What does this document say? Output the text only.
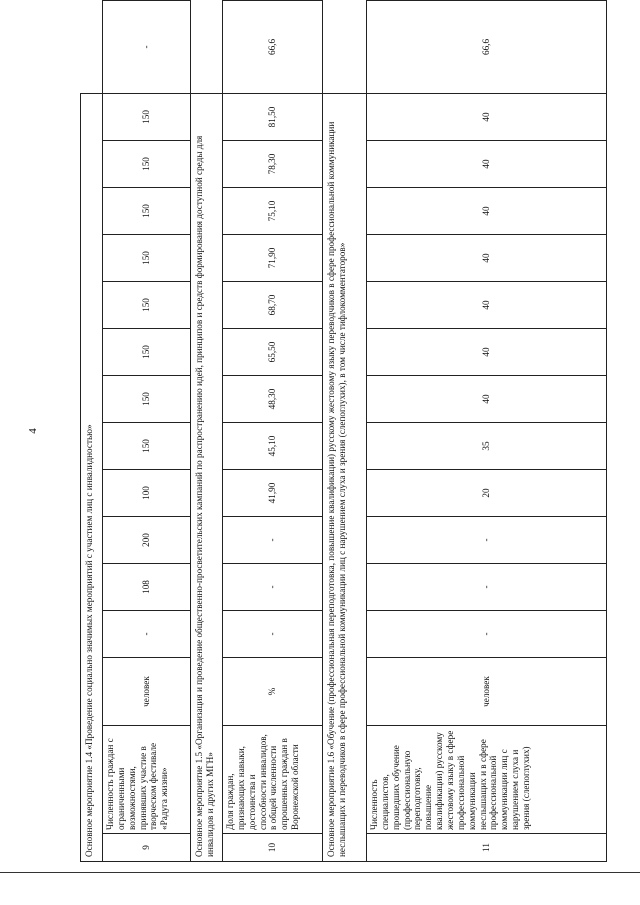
4	Основное мероприятие 1.4 «Проведение социально значимых мероприятий с участием лиц с инвалидностью»															
9	Численность граждан с ограниченными возможностями, принявших участие в творческом фестивале «Радуга жизни»	человек	-	108	200	100	150	150	150	150	150	150	150	150	-
Основное мероприятие 1.5 «Организация и проведение общественно-просветительских кампаний по распространению идей, принципов и средств формирования доступной среды для инвалидов и других МГН»															
10	Доля граждан, признающих навыки, достоинства и способности инвалидов, в общей численности опрошенных граждан в Воронежской области	%	-	-	-	41,90	45,10	48,30	65,50	68,70	71,90	75,10	78,30	81,50	66,6
Основное мероприятие 1.6 «Обучение (профессиональная переподготовка, повышение квалификации) русскому жестовому языку переводчиков в сфере профессиональной коммуникации неслышащих и переводчиков в сфере профессиональной коммуникации лиц с нарушением слуха и зрения (слепоглухих), в том числе тифлокомментаторов»															
11	Численность специалистов, прошедших обучение (профессиональную переподготовку, повышение квалификации) русскому жестовому языку в сфере профессиональной коммуникации неслышащих и в сфере профессиональной коммуникации лиц с нарушением слуха и зрения (слепоглухих)	человек	-	-	-	20	35	40	40	40	40	40	40	40	66,6
